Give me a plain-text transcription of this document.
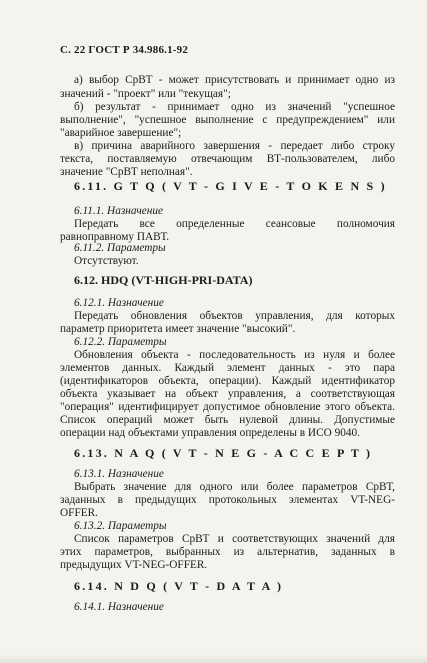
С. 22 ГОСТ Р 34.986.1-92

а) выбор СрВТ - может присутствовать и принимает одно из

значений - "проект" или "текущая";

б) результат - принимает одно из значений "успешное

выполнение", "успешное выполнение с предупреждением" или

"аварийное завершение";

в) причина аварийного завершения - передает либо строку

текста, поставляемую отвечающим ВТ-пользователем, либо

значение "СрВТ неполная".

6.11. G T Q ( V T - G I V E - T O K E N S )

6.11.1. Назначение

Передать все определенные сеансовые полномочия

равноправному ПАВТ.

6.11.2. Параметры

Отсутствуют.

6.12. HDQ (VT-HIGH-PRI-DATA)

6.12.1. Назначение

Передать обновления объектов управления, для которых

параметр приоритета имеет значение "высокий".

6.12.2. Параметры

Обновления объекта - последовательность из нуля и более

элементов данных. Каждый элемент данных - это пара

(идентификаторов объекта, операции). Каждый идентификатор

объекта указывает на объект управления, а соответствующая

"операция" идентифицирует допустимое обновление этого объекта.

Список операций может быть нулевой длины. Допустимые

операции над объектами управления определены в ИСО 9040.

6.13. N A Q ( V T - N E G - A C C E P T )

6.13.1. Назначение

Выбрать значение для одного или более параметров СрВТ,

заданных в предыдущих протокольных элементах VT-NEG-

OFFER.

6.13.2. Параметры

Список параметров СрВТ и соответствующих значений для

этих параметров, выбранных из альтернатив, заданных в

предыдущих VT-NEG-OFFER.

6.14. N D Q ( V T - D A T A )

6.14.1. Назначение
